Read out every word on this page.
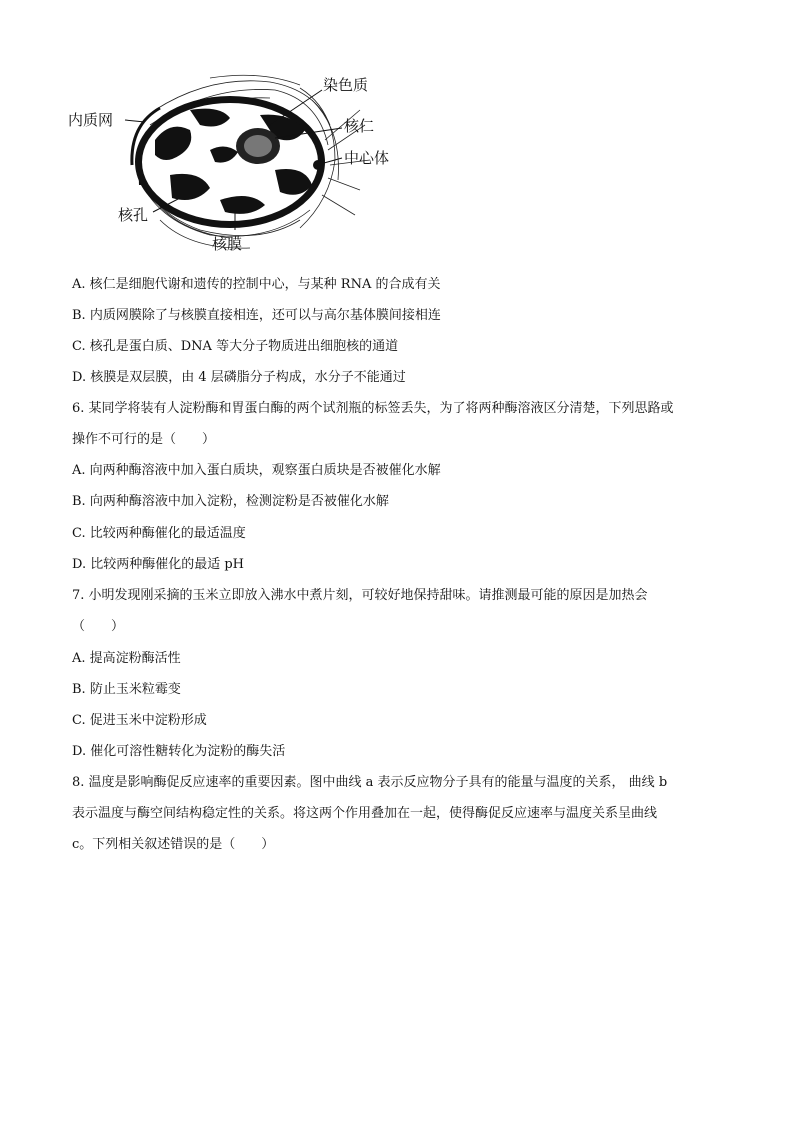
染色质
内质网	核仁
中心体
核孔
核膜
A. 核仁是细胞代谢和遗传的控制中心，与某种 RNA 的合成有关
B. 内质网膜除了与核膜直接相连，还可以与高尔基体膜间接相连
C. 核孔是蛋白质、DNA 等大分子物质进出细胞核的通道
D. 核膜是双层膜，由 4 层磷脂分子构成，水分子不能通过
6. 某同学将装有人淀粉酶和胃蛋白酶的两个试剂瓶的标签丢失，为了将两种酶溶液区分清楚，下列思路或
操作不可行的是（　　）
A. 向两种酶溶液中加入蛋白质块，观察蛋白质块是否被催化水解
B. 向两种酶溶液中加入淀粉，检测淀粉是否被催化水解
C. 比较两种酶催化的最适温度
D. 比较两种酶催化的最适 pH
7. 小明发现刚采摘的玉米立即放入沸水中煮片刻，可较好地保持甜味。请推测最可能的原因是加热会
（　　）
A. 提高淀粉酶活性
B. 防止玉米粒霉变
C. 促进玉米中淀粉形成
D. 催化可溶性糖转化为淀粉的酶失活
8. 温度是影响酶促反应速率的重要因素。图中曲线 a 表示反应物分子具有的能量与温度的关系， 曲线 b
表示温度与酶空间结构稳定性的关系。将这两个作用叠加在一起，使得酶促反应速率与温度关系呈曲线
c。下列相关叙述错误的是（　　）
